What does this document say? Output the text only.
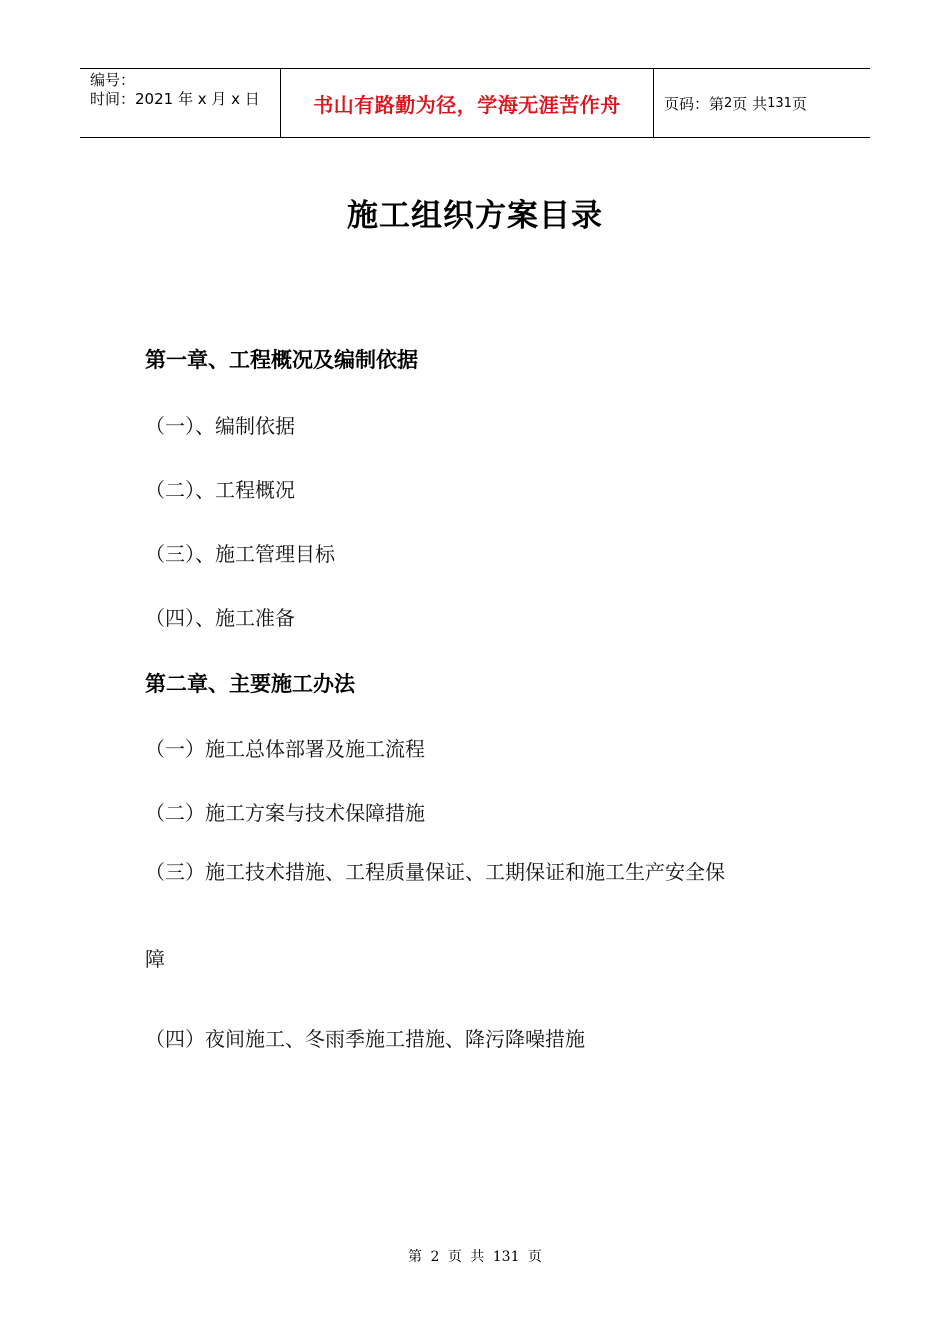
编号：
时间：2021 年 x 月 x 日	书山有路勤为径，学海无涯苦作舟	页码：第 2 页 共 131 页
施工组织方案目录
第一章、工程概况及编制依据
（一）、编制依据
（二）、工程概况
（三）、施工管理目标
（四）、施工准备
第二章、主要施工办法
（一）施工总体部署及施工流程
（二）施工方案与技术保障措施
（三）施工技术措施、工程质量保证、工期保证和施工生产安全保
障
（四）夜间施工、冬雨季施工措施、降污降噪措施
第 2 页 共 131 页
